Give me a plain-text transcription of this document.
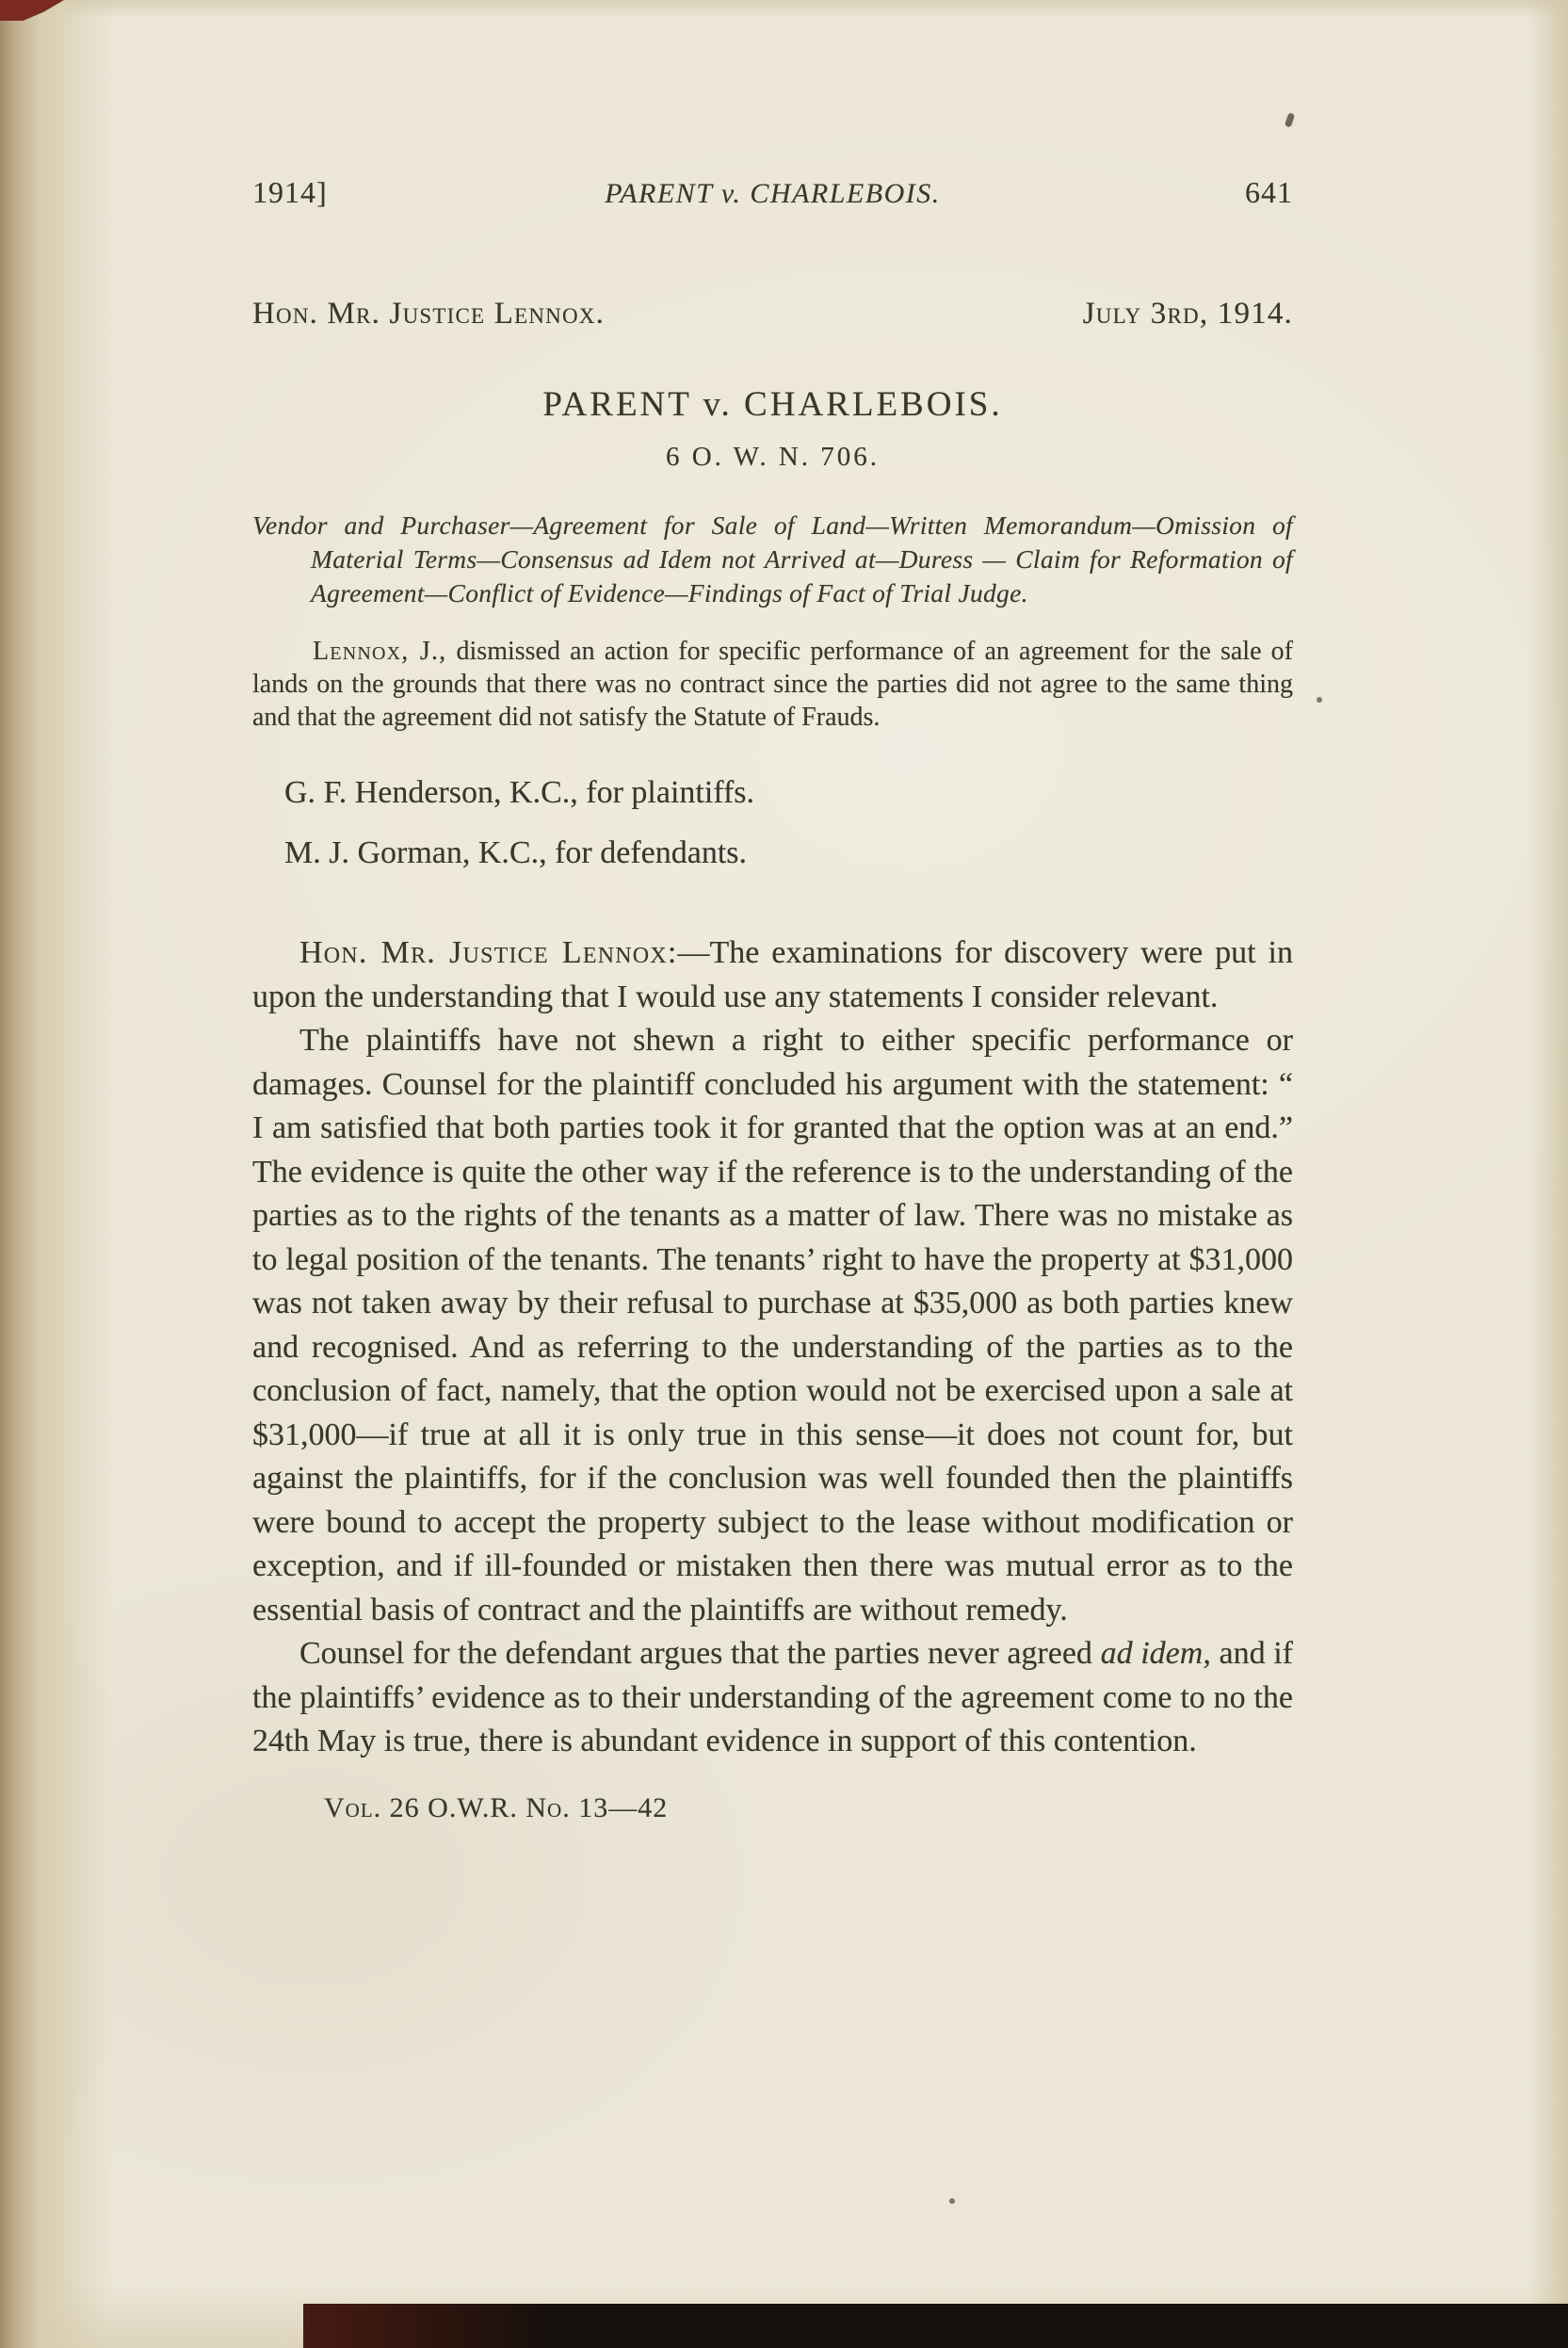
1914]	PARENT v. CHARLEBOIS.	641
Hon. Mr. Justice Lennox.	July 3rd, 1914.
PARENT v. CHARLEBOIS.
6 O. W. N. 706.
Vendor and Purchaser—Agreement for Sale of Land—Written Memorandum—Omission of Material Terms—Consensus ad Idem not Arrived at—Duress — Claim for Reformation of Agreement—Conflict of Evidence—Findings of Fact of Trial Judge.
Lennox, J., dismissed an action for specific performance of an agreement for the sale of lands on the grounds that there was no contract since the parties did not agree to the same thing and that the agreement did not satisfy the Statute of Frauds.

G. F. Henderson, K.C., for plaintiffs.

M. J. Gorman, K.C., for defendants.

Hon. Mr. Justice Lennox:—The examinations for discovery were put in upon the understanding that I would use any statements I consider relevant.

The plaintiffs have not shewn a right to either specific performance or damages. Counsel for the plaintiff concluded his argument with the statement: “ I am satisfied that both parties took it for granted that the option was at an end.” The evidence is quite the other way if the reference is to the understanding of the parties as to the rights of the tenants as a matter of law. There was no mistake as to legal position of the tenants. The tenants’ right to have the property at $31,000 was not taken away by their refusal to purchase at $35,000 as both parties knew and recognised. And as referring to the understanding of the parties as to the conclusion of fact, namely, that the option would not be exercised upon a sale at $31,000—if true at all it is only true in this sense—it does not count for, but against the plaintiffs, for if the conclusion was well founded then the plaintiffs were bound to accept the property subject to the lease without modification or exception, and if ill-founded or mistaken then there was mutual error as to the essential basis of contract and the plaintiffs are without remedy.

Counsel for the defendant argues that the parties never agreed ad idem, and if the plaintiffs’ evidence as to their understanding of the agreement come to no the 24th May is true, there is abundant evidence in support of this contention.

Vol. 26 O.W.R. No. 13—42
